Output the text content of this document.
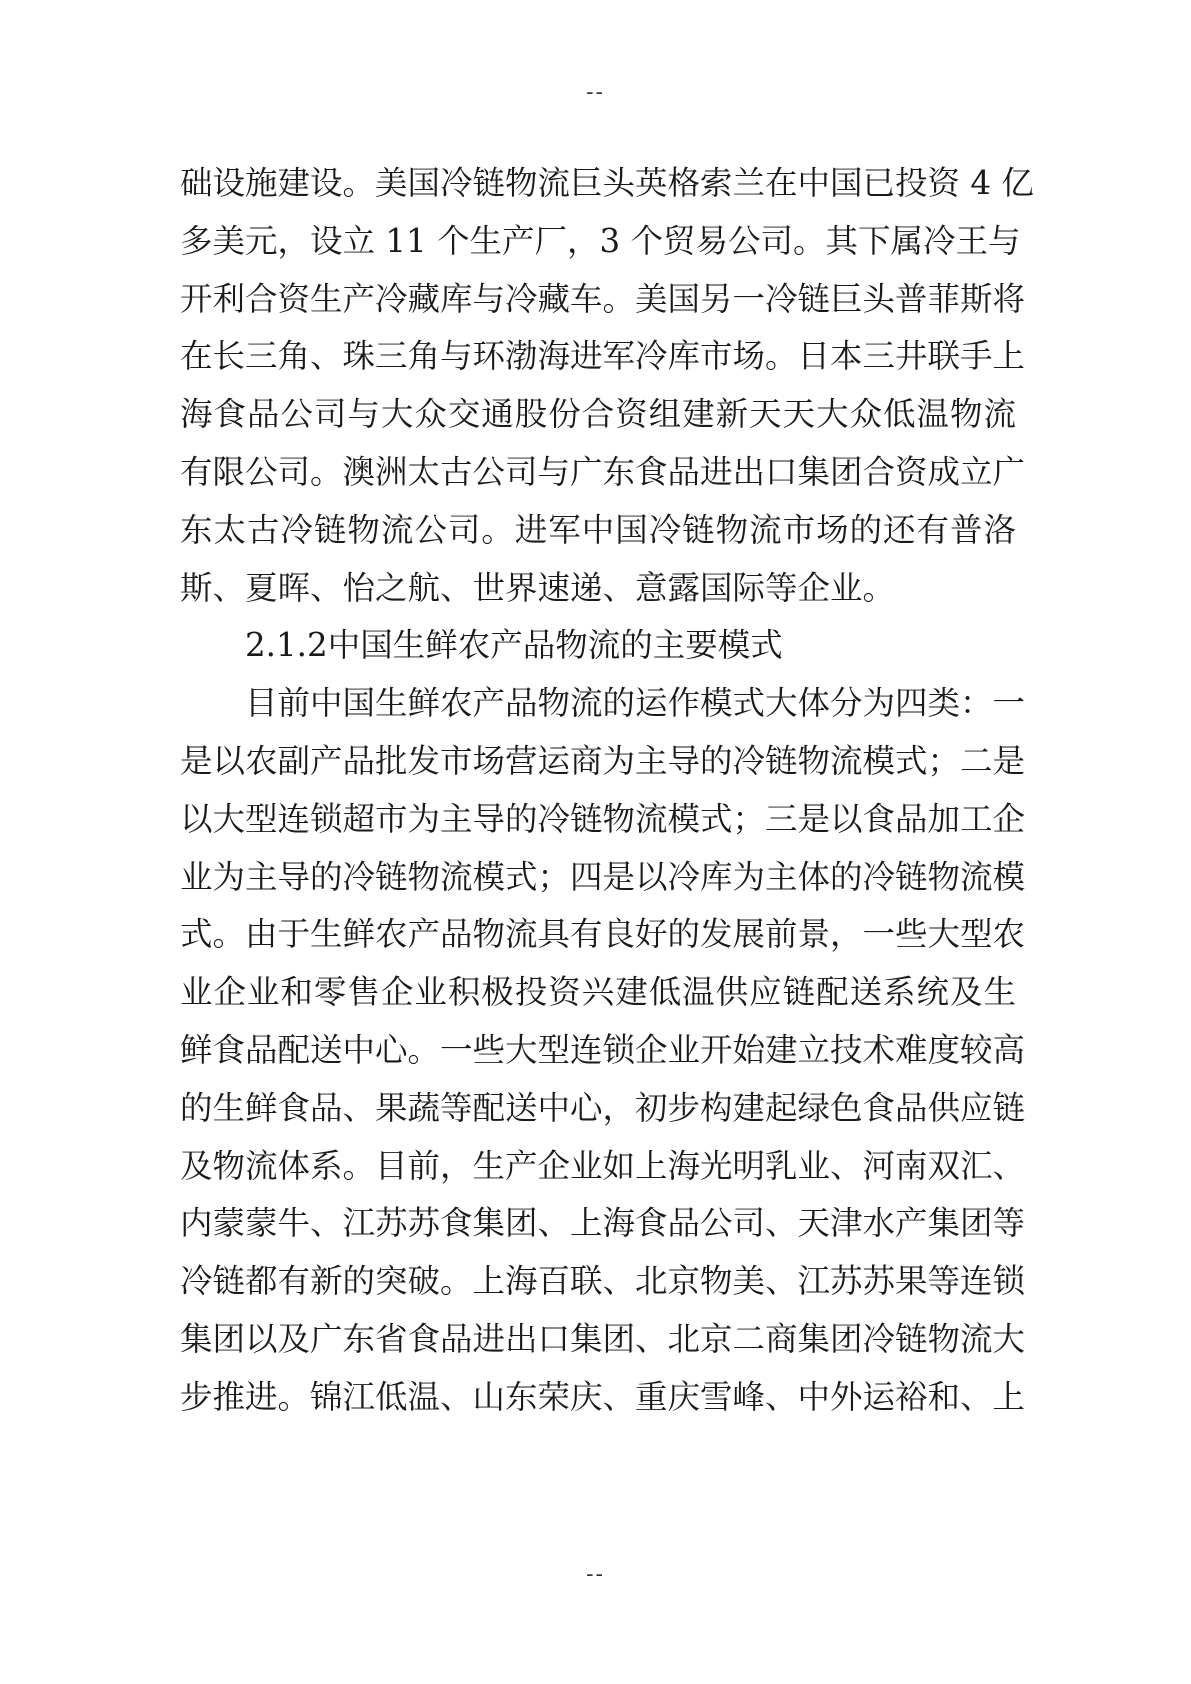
--
础设施建设。美国冷链物流巨头英格索兰在中国已投资 4 亿
多美元，设立 11 个生产厂，3 个贸易公司。其下属冷王与
开利合资生产冷藏库与冷藏车。美国另一冷链巨头普菲斯将
在长三角、珠三角与环渤海进军冷库市场。日本三井联手上
海食品公司与大众交通股份合资组建新天天大众低温物流
有限公司。澳洲太古公司与广东食品进出口集团合资成立广
东太古冷链物流公司。进军中国冷链物流市场的还有普洛
斯、夏晖、怡之航、世界速递、意露国际等企业。
2.1.2中国生鲜农产品物流的主要模式
目前中国生鲜农产品物流的运作模式大体分为四类：一
是以农副产品批发市场营运商为主导的冷链物流模式；二是
以大型连锁超市为主导的冷链物流模式；三是以食品加工企
业为主导的冷链物流模式；四是以冷库为主体的冷链物流模
式。由于生鲜农产品物流具有良好的发展前景，一些大型农
业企业和零售企业积极投资兴建低温供应链配送系统及生
鲜食品配送中心。一些大型连锁企业开始建立技术难度较高
的生鲜食品、果蔬等配送中心，初步构建起绿色食品供应链
及物流体系。目前，生产企业如上海光明乳业、河南双汇、
内蒙蒙牛、江苏苏食集团、上海食品公司、天津水产集团等
冷链都有新的突破。上海百联、北京物美、江苏苏果等连锁
集团以及广东省食品进出口集团、北京二商集团冷链物流大
步推进。锦江低温、山东荣庆、重庆雪峰、中外运裕和、上
--
